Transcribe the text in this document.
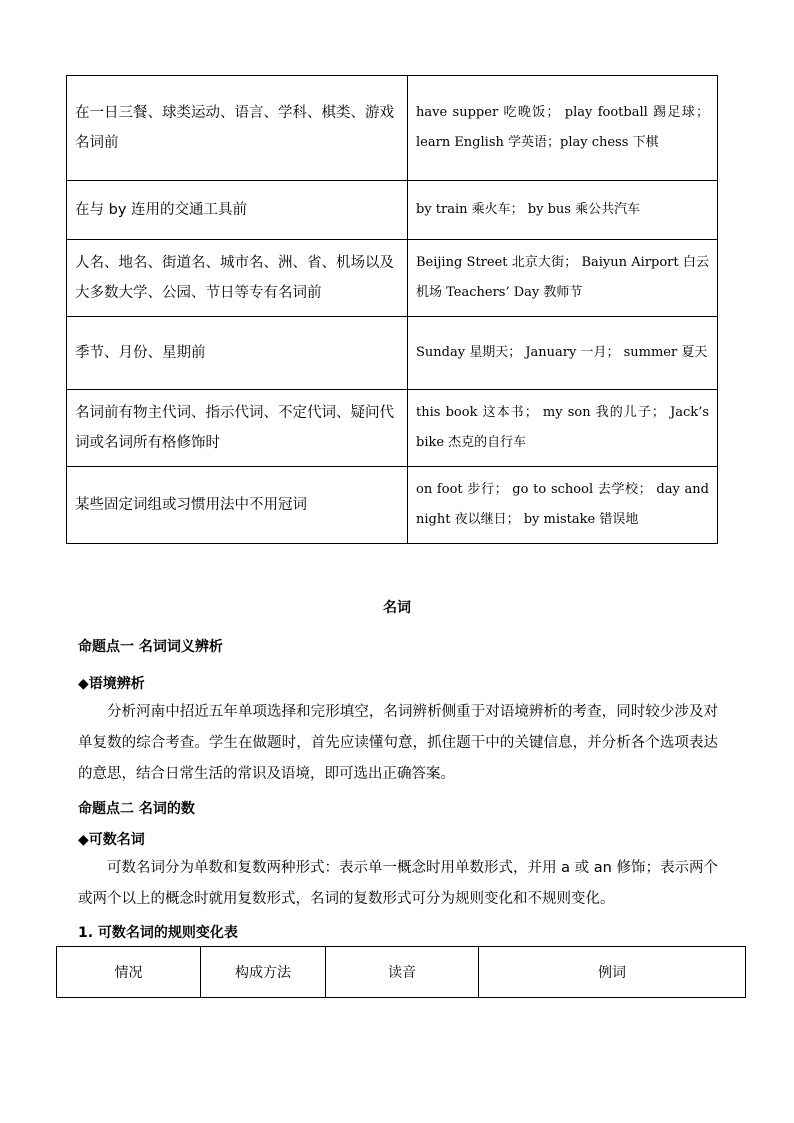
在一日三餐、球类运动、语言、学科、棋类、游戏名词前	have supper 吃晚饭； play football 踢足球； learn English 学英语；play chess 下棋
在与 by 连用的交通工具前	by train 乘火车； by bus 乘公共汽车
人名、地名、街道名、城市名、洲、省、机场以及大多数大学、公园、节日等专有名词前	Beijing Street 北京大街； Baiyun Airport 白云机场 Teachers’ Day 教师节
季节、月份、星期前	Sunday 星期天； January 一月； summer 夏天
名词前有物主代词、指示代词、不定代词、疑问代词或名词所有格修饰时	this book 这本书； my son 我的儿子； Jack’s bike 杰克的自行车
某些固定词组或习惯用法中不用冠词	on foot 步行； go to school 去学校； day and night 夜以继日； by mistake 错误地
名词
命题点一 名词词义辨析
◆语境辨析

分析河南中招近五年单项选择和完形填空，名词辨析侧重于对语境辨析的考查，同时较少涉及对单复数的综合考查。学生在做题时，首先应读懂句意，抓住题干中的关键信息，并分析各个选项表达的意思，结合日常生活的常识及语境，即可选出正确答案。

命题点二 名词的数
◆可数名词

可数名词分为单数和复数两种形式：表示单一概念时用单数形式，并用 a 或 an 修饰；表示两个或两个以上的概念时就用复数形式，名词的复数形式可分为规则变化和不规则变化。

1. 可数名词的规则变化表
情况	构成方法	读音	例词
